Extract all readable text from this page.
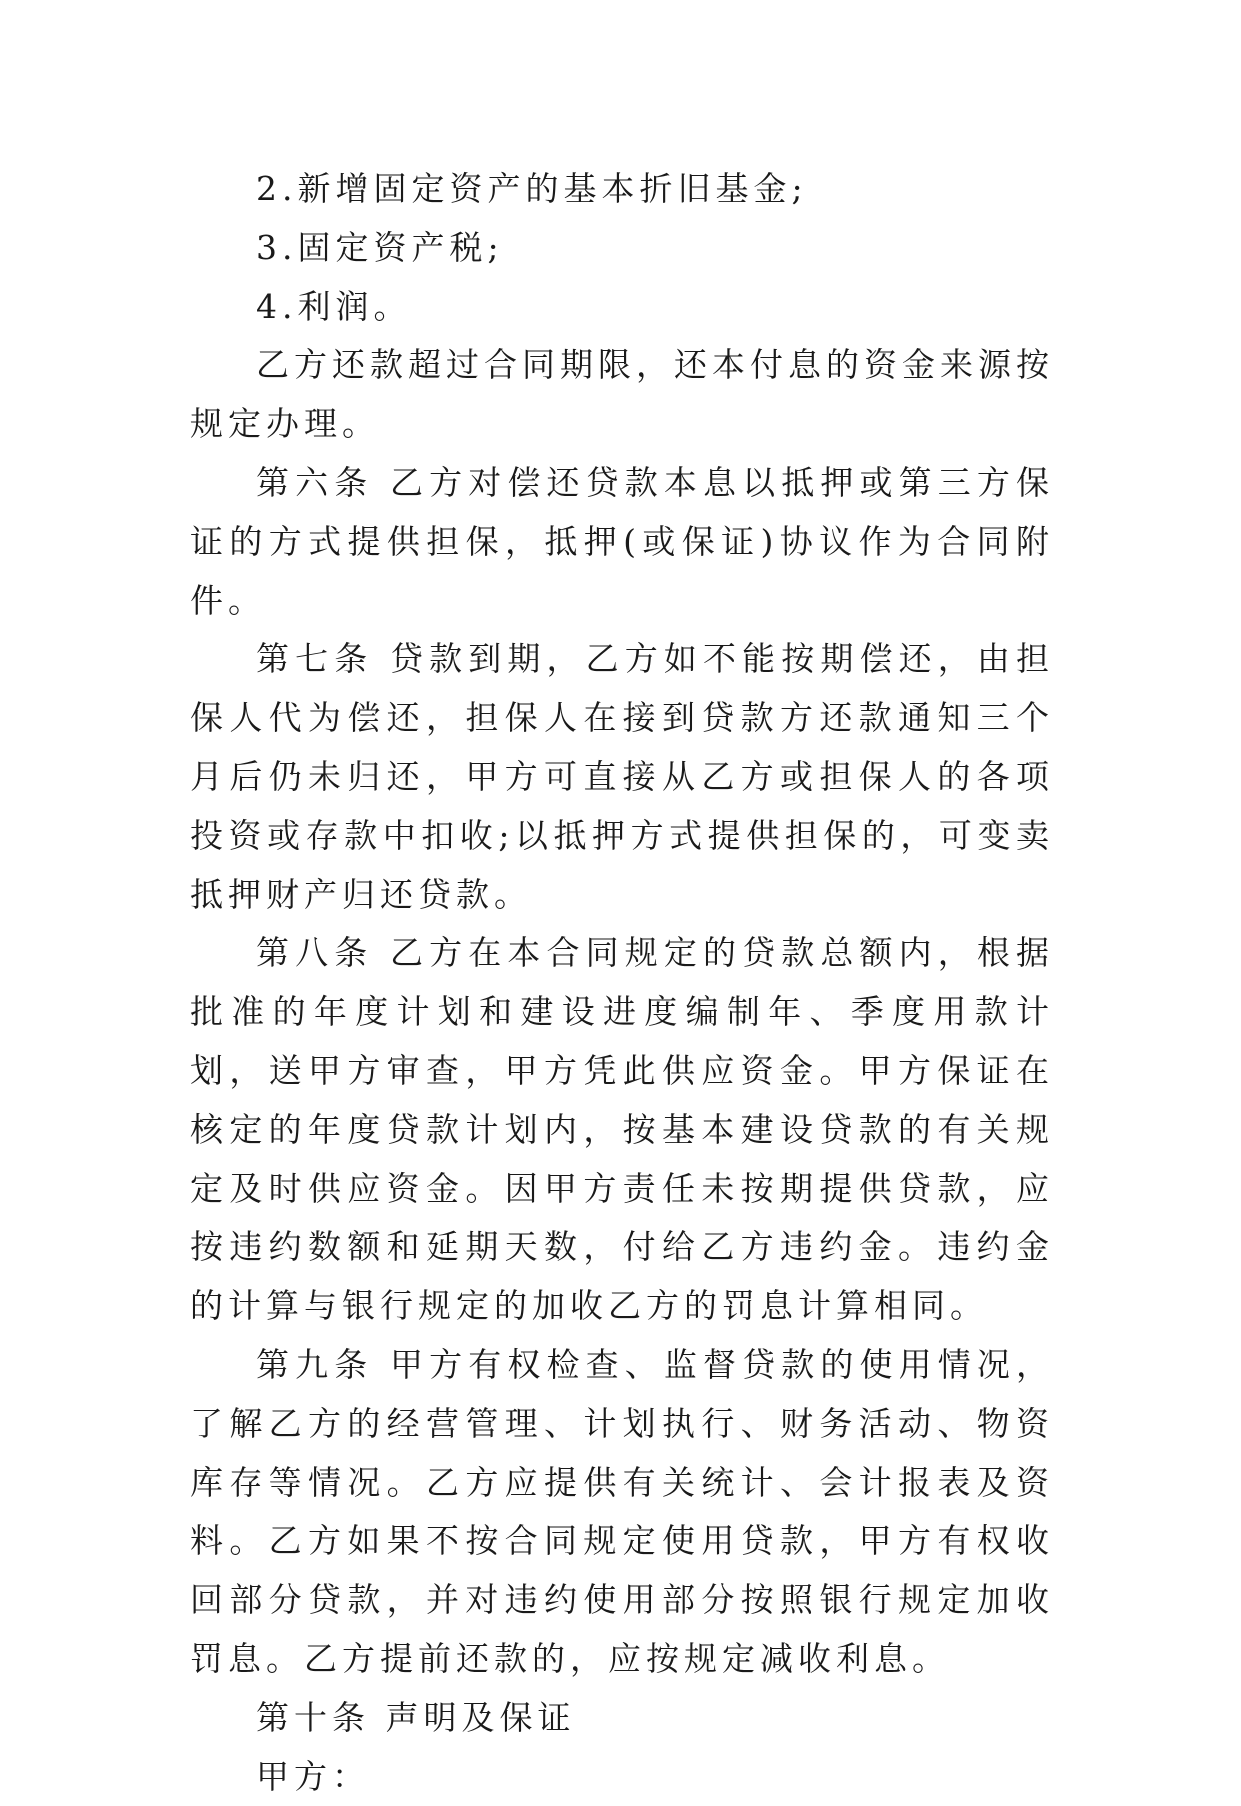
2.新增固定资产的基本折旧基金;

3.固定资产税;

4.利润。

乙方还款超过合同期限，还本付息的资金来源按规定办理。

第六条 乙方对偿还贷款本息以抵押或第三方保证的方式提供担保，抵押(或保证)协议作为合同附件。

第七条 贷款到期，乙方如不能按期偿还，由担保人代为偿还，担保人在接到贷款方还款通知三个月后仍未归还，甲方可直接从乙方或担保人的各项投资或存款中扣收;以抵押方式提供担保的，可变卖抵押财产归还贷款。

第八条 乙方在本合同规定的贷款总额内，根据批准的年度计划和建设进度编制年、季度用款计划，送甲方审查，甲方凭此供应资金。甲方保证在核定的年度贷款计划内，按基本建设贷款的有关规定及时供应资金。因甲方责任未按期提供贷款，应按违约数额和延期天数，付给乙方违约金。违约金的计算与银行规定的加收乙方的罚息计算相同。

第九条 甲方有权检查、监督贷款的使用情况，了解乙方的经营管理、计划执行、财务活动、物资库存等情况。乙方应提供有关统计、会计报表及资料。乙方如果不按合同规定使用贷款，甲方有权收回部分贷款，并对违约使用部分按照银行规定加收罚息。乙方提前还款的，应按规定减收利息。

第十条 声明及保证

甲方：
